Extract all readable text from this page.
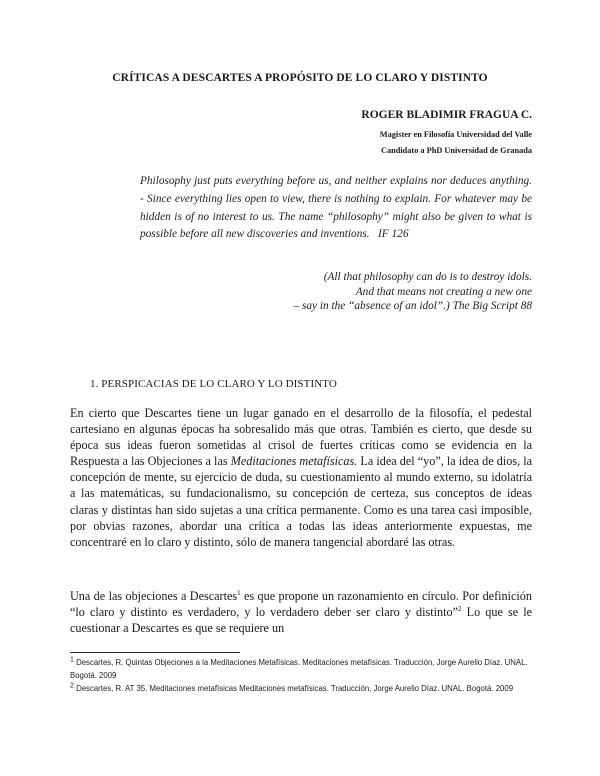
CRÍTICAS A DESCARTES A PROPÓSITO DE LO CLARO Y DISTINTO
ROGER BLADIMIR FRAGUA C.
Magister en Filosofía Universidad del Valle
Candidato a PhD Universidad de Granada
Philosophy just puts everything before us, and neither explains nor deduces anything. - Since everything lies open to view, there is nothing to explain. For whatever may be hidden is of no interest to us. The name “philosophy” might also be given to what is possible before all new discoveries and inventions. IF 126
(All that philosophy can do is to destroy idols.
And that means not creating a new one
– say in the “absence of an idol”.) The Big Script 88
1. PERSPICACIAS DE LO CLARO Y LO DISTINTO
En cierto que Descartes tiene un lugar ganado en el desarrollo de la filosofía, el pedestal cartesiano en algunas épocas ha sobresalido más que otras. También es cierto, que desde su época sus ideas fueron sometidas al crisol de fuertes críticas como se evidencia en la Respuesta a las Objeciones a las Meditaciones metafísicas. La idea del “yo”, la idea de dios, la concepción de mente, su ejercicio de duda, su cuestionamiento al mundo externo, su idolatría a las matemáticas, su fundacionalismo, su concepción de certeza, sus conceptos de ideas claras y distintas han sido sujetas a una crítica permanente. Como es una tarea casi imposible, por obvias razones, abordar una crítica a todas las ideas anteriormente expuestas, me concentraré en lo claro y distinto, sólo de manera tangencial abordaré las otras.
Una de las objeciones a Descartes$^1$ es que propone un razonamiento en círculo. Por definición “lo claro y distinto es verdadero, y lo verdadero deber ser claro y distinto”$^2$ Lo que se le cuestionar a Descartes es que se requiere un
$^1$ Descartes, R. Quintas Objeciones a la Meditaciones Metafísicas. Meditaciones metafísicas. Traducción, Jorge Aurelio Díaz. UNAL. Bogotá. 2009
$^2$ Descartes, R. AT 35. Meditaciones metafísicas Meditaciones metafísicas. Traducción, Jorge Aurelio Díaz. UNAL. Bogotá. 2009
